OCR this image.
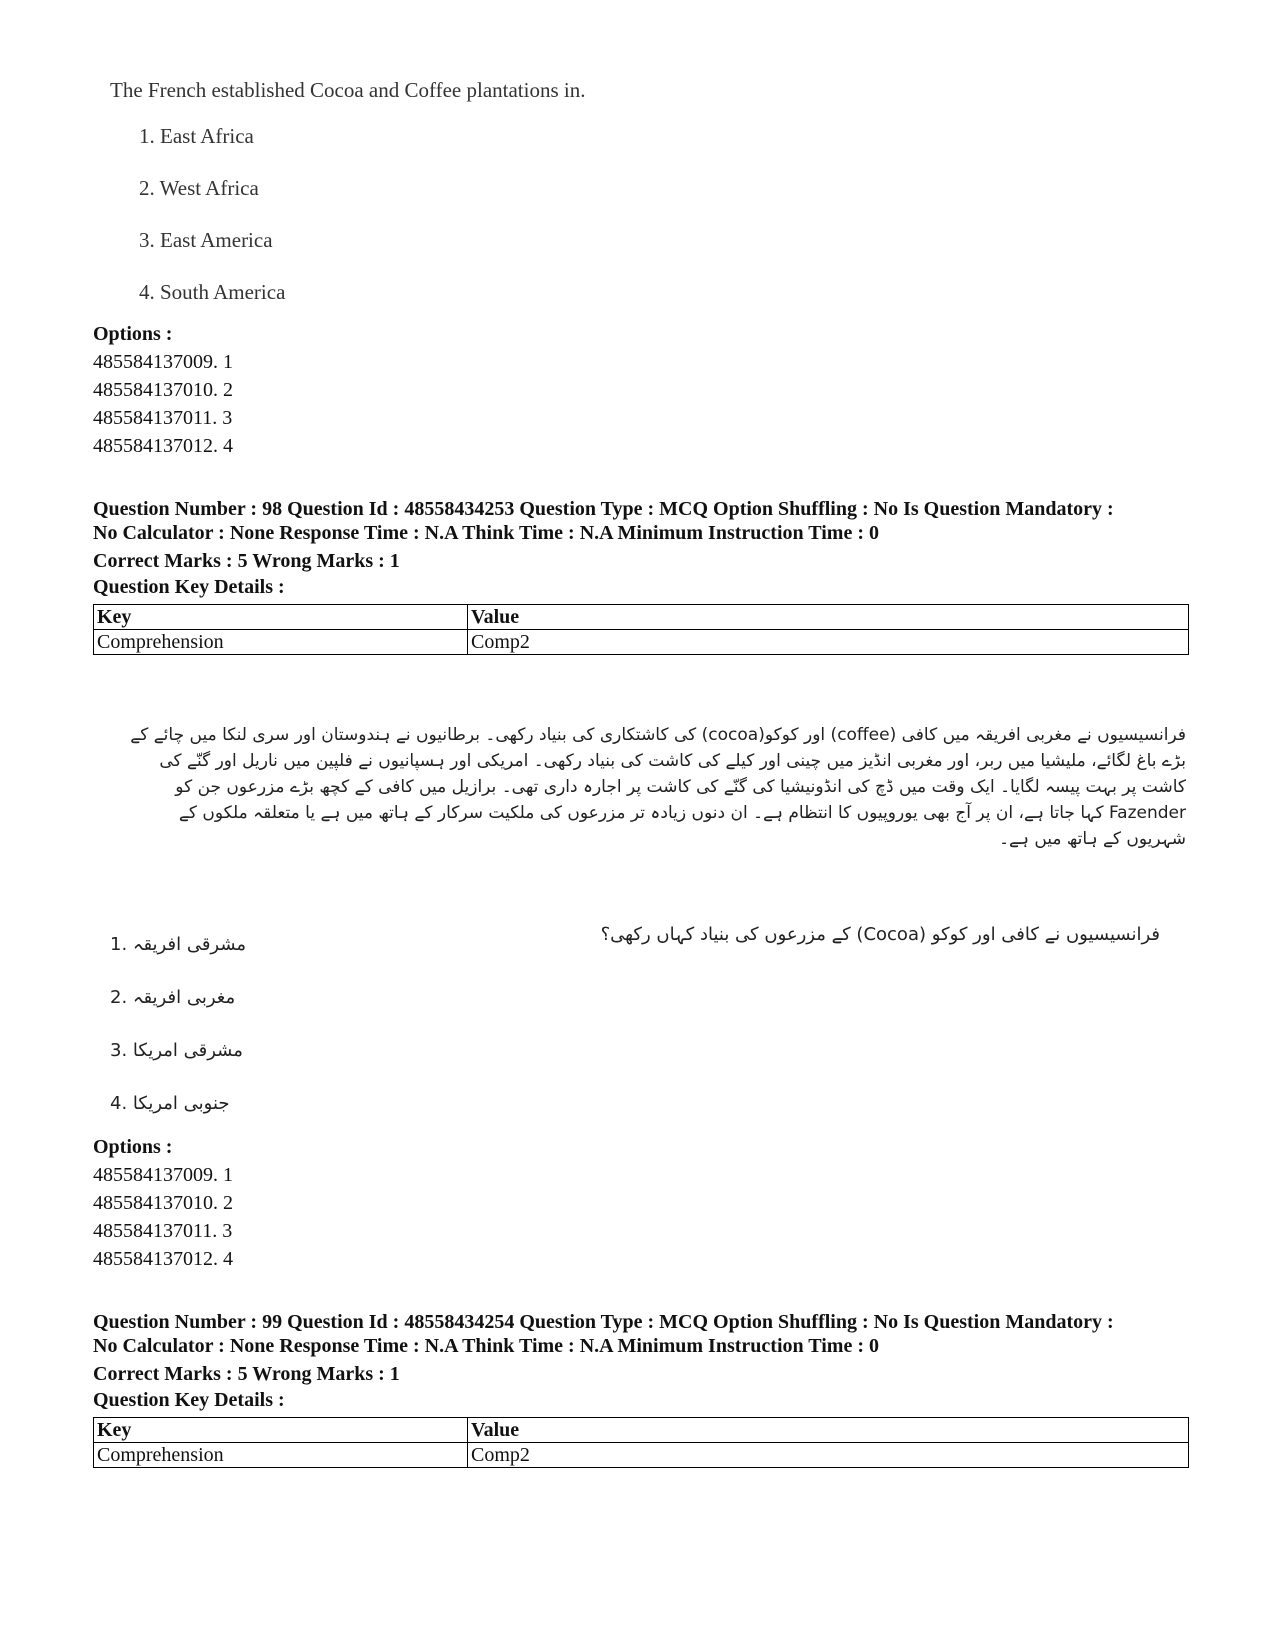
The French established Cocoa and Coffee plantations in.

1. East Africa
2. West Africa
3. East America
4. South America
Options :
485584137009. 1
485584137010. 2
485584137011. 3
485584137012. 4
Question Number : 98 Question Id : 48558434253 Question Type : MCQ Option Shuffling : No Is Question Mandatory :
No Calculator : None Response Time : N.A Think Time : N.A Minimum Instruction Time : 0
Correct Marks : 5 Wrong Marks : 1
Question Key Details :
Key	Value
Comprehension	Comp2
فرانسیسیوں نے مغربی افریقہ میں کافی (coffee) اور کوکو(cocoa) کی کاشتکاری کی بنیاد رکھی۔ برطانیوں نے ہندوستان اور سری لنکا میں چائے کے بڑے باغ لگائے، ملیشیا میں ربر، اور مغربی انڈیز میں چینی اور کیلے کی کاشت کی بنیاد رکھی۔ امریکی اور ہسپانیوں نے فلپین میں ناریل اور گنّے کی کاشت پر بہت پیسہ لگایا۔ ایک وقت میں ڈچ کی انڈونیشیا کی گنّے کی کاشت پر اجارہ داری تھی۔ برازیل میں کافی کے کچھ بڑے مزرعوں جن کو Fazender کہا جاتا ہے، ان پر آج بھی یوروپیوں کا انتظام ہے۔ ان دنوں زیادہ تر مزرعوں کی ملکیت سرکار کے ہاتھ میں ہے یا متعلقہ ملکوں کے شہریوں کے ہاتھ میں ہے۔
فرانسیسیوں نے کافی اور کوکو (Cocoa) کے مزرعوں کی بنیاد کہاں رکھی؟
مشرقی افریقہ .1
مغربی افریقہ .2
مشرقی امریکا .3
جنوبی امریکا .4
Options :
485584137009. 1
485584137010. 2
485584137011. 3
485584137012. 4
Question Number : 99 Question Id : 48558434254 Question Type : MCQ Option Shuffling : No Is Question Mandatory :
No Calculator : None Response Time : N.A Think Time : N.A Minimum Instruction Time : 0
Correct Marks : 5 Wrong Marks : 1
Question Key Details :
Key	Value
Comprehension	Comp2
